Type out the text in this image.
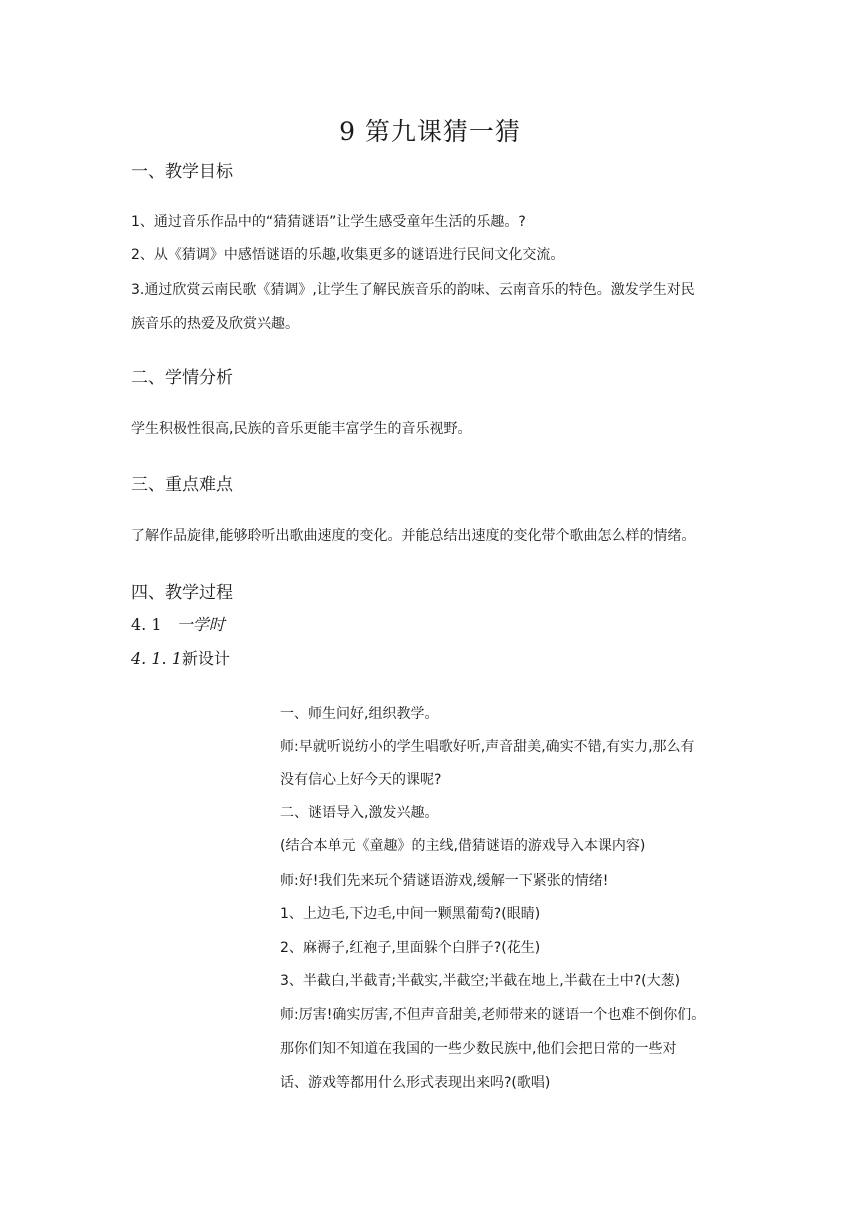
9 第九课猜一猜
一、教学目标
1、通过音乐作品中的“猜猜谜语”让学生感受童年生活的乐趣。?
2、从《猜调》中感悟谜语的乐趣,收集更多的谜语进行民间文化交流。
3.通过欣赏云南民歌《猜调》,让学生了解民族音乐的韵味、云南音乐的特色。激发学生对民
族音乐的热爱及欣赏兴趣。
二、学情分析
学生积极性很高,民族的音乐更能丰富学生的音乐视野。
三、重点难点
了解作品旋律,能够聆听出歌曲速度的变化。并能总结出速度的变化带个歌曲怎么样的情绪。
四、教学过程
4. 1 一学时
4. 1. 1新设计
一、师生问好,组织教学。
师:早就听说纺小的学生唱歌好听,声音甜美,确实不错,有实力,那么有
没有信心上好今天的课呢?
二、谜语导入,激发兴趣。
(结合本单元《童趣》的主线,借猜谜语的游戏导入本课内容)
师:好!我们先来玩个猜谜语游戏,缓解一下紧张的情绪!
1、上边毛,下边毛,中间一颗黑葡萄?(眼睛)
2、麻褥子,红袍子,里面躲个白胖子?(花生)
3、半截白,半截青;半截实,半截空;半截在地上,半截在土中?(大葱)
师:厉害!确实厉害,不但声音甜美,老师带来的谜语一个也难不倒你们。
那你们知不知道在我国的一些少数民族中,他们会把日常的一些对
话、游戏等都用什么形式表现出来吗?(歌唱)
